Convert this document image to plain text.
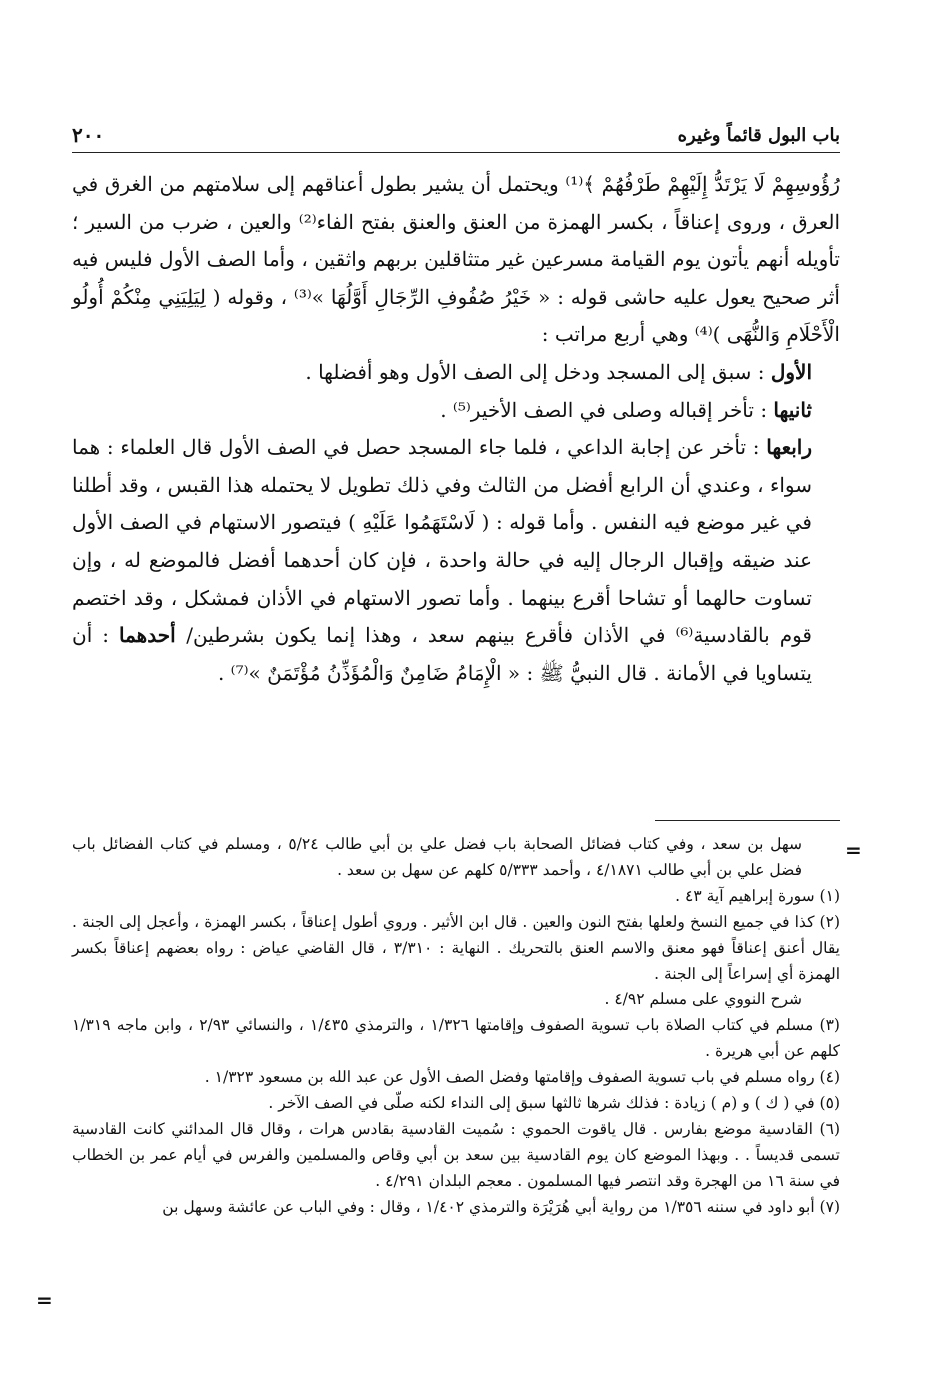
باب البول قائماً وغيره
٢٠٠

رُؤُوسِهِمْ لَا يَرْتَدُّ إِلَيْهِمْ طَرْفُهُمْ ﴾⁽¹⁾ ويحتمل أن يشير بطول أعناقهم إلى سلامتهم من الغرق في العرق ، وروى إعناقاً ، بكسر الهمزة من العنق والعنق بفتح الفاء⁽²⁾ والعين ، ضرب من السير ؛ تأويله أنهم يأتون يوم القيامة مسرعين غير متثاقلين بربهم واثقين ، وأما الصف الأول فليس فيه أثر صحيح يعول عليه حاشى قوله : « خَيْرُ صُفُوفِ الرِّجَالِ أَوَّلُهَا »⁽³⁾ ، وقوله ( لِيَلِيَنِي مِنْكُمْ أُولُو الْأَحْلَامِ وَالنُّهَى )⁽⁴⁾ وهي أربع مراتب :

الأول : سبق إلى المسجد ودخل إلى الصف الأول وهو أفضلها .

ثانيها : تأخر إقباله وصلى في الصف الأخير⁽⁵⁾ .

رابعها : تأخر عن إجابة الداعي ، فلما جاء المسجد حصل في الصف الأول قال العلماء : هما سواء ، وعندي أن الرابع أفضل من الثالث وفي ذلك تطويل لا يحتمله هذا القبس ، وقد أطلنا في غير موضع فيه النفس . وأما قوله : ( لَاسْتَهَمُوا عَلَيْهِ ) فيتصور الاستهام في الصف الأول عند ضيقه وإقبال الرجال إليه في حالة واحدة ، فإن كان أحدهما أفضل فالموضع له ، وإن تساوت حالهما أو تشاحا أقرع بينهما . وأما تصور الاستهام في الأذان فمشكل ، وقد اختصم قوم بالقادسية⁽⁶⁾ في الأذان فأقرع بينهم سعد ، وهذا إنما يكون بشرطين/ أحدهما : أن يتساويا في الأمانة . قال النبيُّ ﷺ : « الْإِمَامُ ضَامِنٌ وَالْمُؤَذِّنُ مُؤْتَمَنٌ »⁽⁷⁾ .

=

سهل بن سعد ، وفي كتاب فضائل الصحابة باب فضل علي بن أبي طالب ٥/٢٤ ، ومسلم في كتاب الفضائل باب فضل علي بن أبي طالب ٤/١٨٧١ ، وأحمد ٥/٣٣٣ كلهم عن سهل بن سعد .

(١) سورة إبراهيم آية ٤٣ .

(٢) كذا في جميع النسخ ولعلها بفتح النون والعين . قال ابن الأثير . وروي أطول إعناقاً ، بكسر الهمزة ، وأعجل إلى الجنة . يقال أعنق إعناقاً فهو معنق والاسم العنق بالتحريك . النهاية : ٣/٣١٠ ، قال القاضي عياض : رواه بعضهم إعناقاً بكسر الهمزة أي إسراعاً إلى الجنة .

شرح النووي على مسلم ٤/٩٢ .

(٣) مسلم في كتاب الصلاة باب تسوية الصفوف وإقامتها ١/٣٢٦ ، والترمذي ١/٤٣٥ ، والنسائي ٢/٩٣ ، وابن ماجه ١/٣١٩ كلهم عن أبي هريرة .

(٤) رواه مسلم في باب تسوية الصفوف وإقامتها وفضل الصف الأول عن عبد الله بن مسعود ١/٣٢٣ .

(٥) في ( ك ) و (م ) زيادة : فذلك شرها ثالثها سبق إلى النداء لكنه صلّى في الصف الآخر .

(٦) القادسية موضع بفارس . قال ياقوت الحموي : سُميت القادسية بقادس هرات ، وقال قال المدائني كانت القادسية تسمى قديساً . . وبهذا الموضع كان يوم القادسية بين سعد بن أبي وقاص والمسلمين والفرس في أيام عمر بن الخطاب في سنة ١٦ من الهجرة وقد انتصر فيها المسلمون . معجم البلدان ٤/٢٩١ .

(٧) أبو داود في سننه ١/٣٥٦ من رواية أبي هُرَيْرَة والترمذي ١/٤٠٢ ، وقال : وفي الباب عن عائشة وسهل بن

=
